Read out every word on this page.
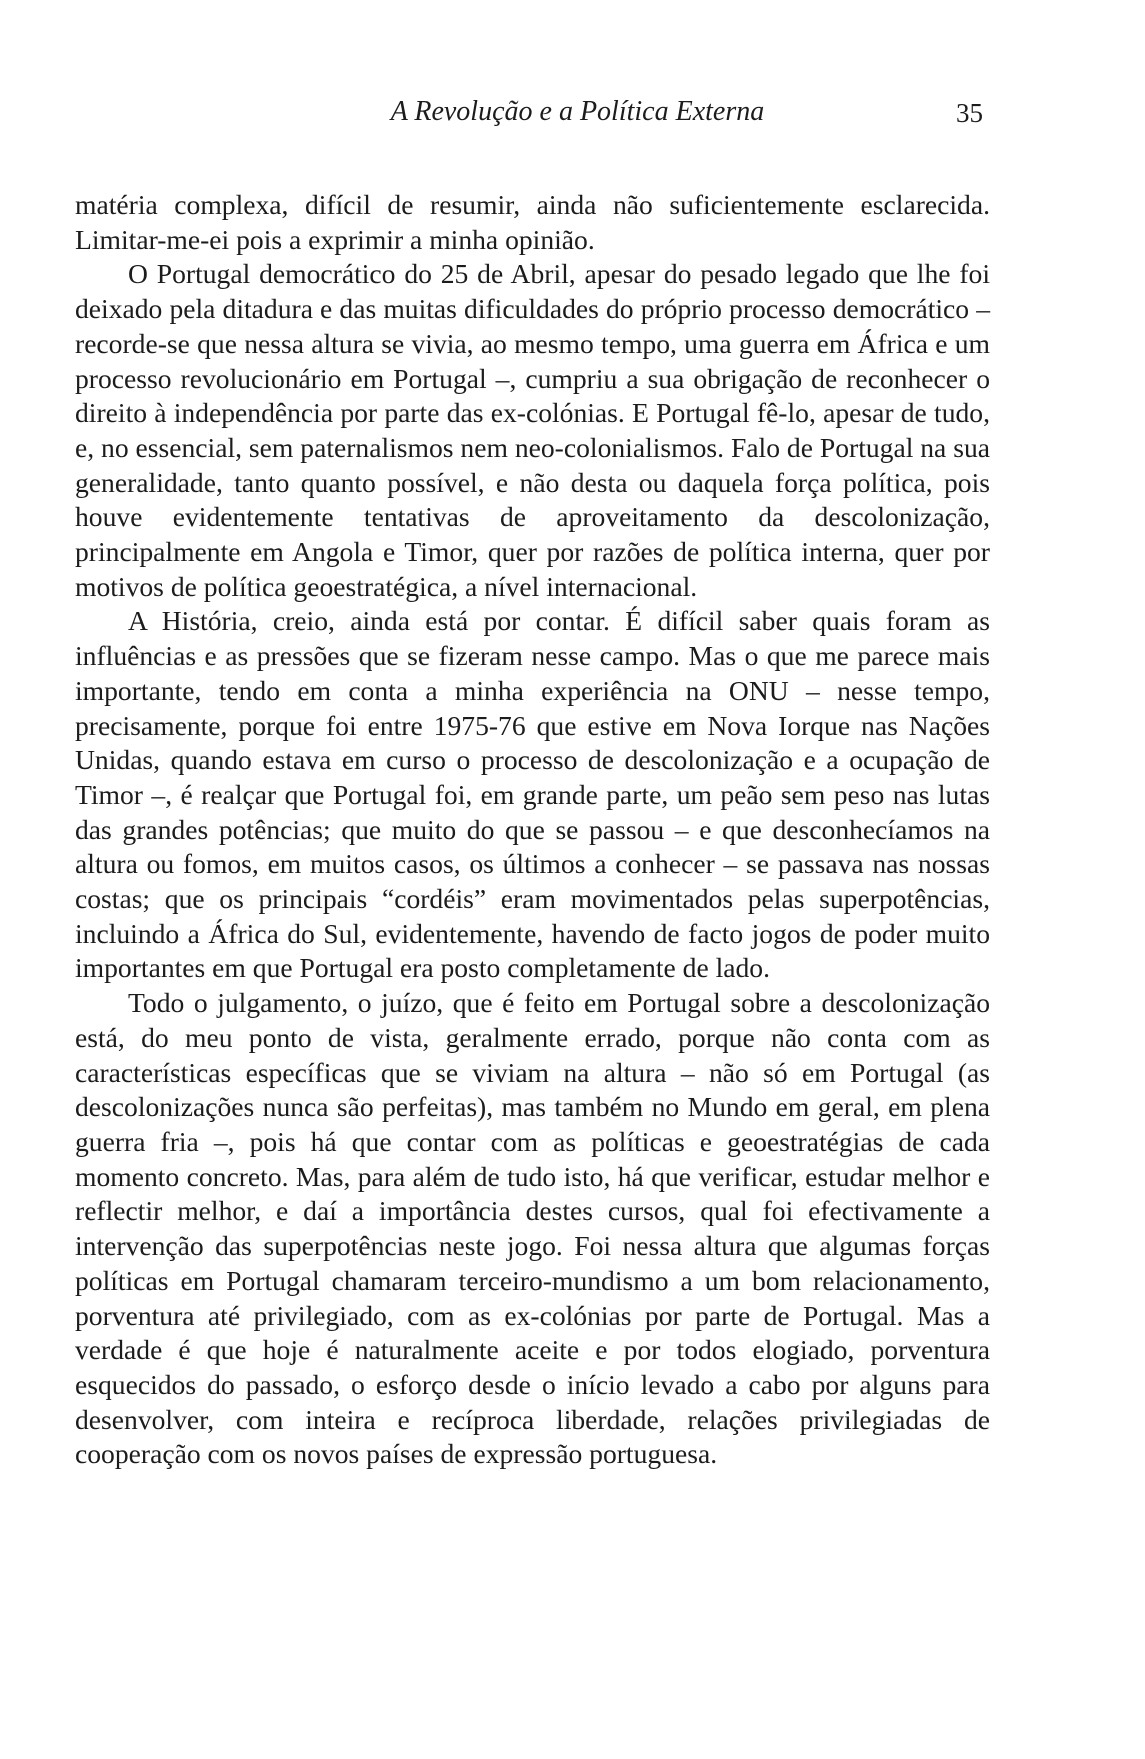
A Revolução e a Política Externa	35

matéria complexa, difícil de resumir, ainda não suficientemente esclarecida. Limitar-me-ei pois a exprimir a minha opinião.

O Portugal democrático do 25 de Abril, apesar do pesado legado que lhe foi deixado pela ditadura e das muitas dificuldades do próprio processo democrático – recorde-se que nessa altura se vivia, ao mesmo tempo, uma guerra em África e um processo revolucionário em Portugal –, cumpriu a sua obrigação de reconhecer o direito à independência por parte das ex-colónias. E Portugal fê-lo, apesar de tudo, e, no essencial, sem paternalismos nem neo-colonialismos. Falo de Portugal na sua generalidade, tanto quanto possível, e não desta ou daquela força política, pois houve evidentemente tentativas de aproveitamento da descolonização, principalmente em Angola e Timor, quer por razões de política interna, quer por motivos de política geoestratégica, a nível internacional.

A História, creio, ainda está por contar. É difícil saber quais foram as influências e as pressões que se fizeram nesse campo. Mas o que me parece mais importante, tendo em conta a minha experiência na ONU – nesse tempo, precisamente, porque foi entre 1975-76 que estive em Nova Iorque nas Nações Unidas, quando estava em curso o processo de descolonização e a ocupação de Timor –, é realçar que Portugal foi, em grande parte, um peão sem peso nas lutas das grandes potências; que muito do que se passou – e que desconhecíamos na altura ou fomos, em muitos casos, os últimos a conhecer – se passava nas nossas costas; que os principais “cordéis” eram movimentados pelas superpotências, incluindo a África do Sul, evidentemente, havendo de facto jogos de poder muito importantes em que Portugal era posto completamente de lado.

Todo o julgamento, o juízo, que é feito em Portugal sobre a descolonização está, do meu ponto de vista, geralmente errado, porque não conta com as características específicas que se viviam na altura – não só em Portugal (as descolonizações nunca são perfeitas), mas também no Mundo em geral, em plena guerra fria –, pois há que contar com as políticas e geoestratégias de cada momento concreto. Mas, para além de tudo isto, há que verificar, estudar melhor e reflectir melhor, e daí a importância destes cursos, qual foi efectivamente a intervenção das superpotências neste jogo. Foi nessa altura que algumas forças políticas em Portugal chamaram terceiro-mundismo a um bom relacionamento, porventura até privilegiado, com as ex-colónias por parte de Portugal. Mas a verdade é que hoje é naturalmente aceite e por todos elogiado, porventura esquecidos do passado, o esforço desde o início levado a cabo por alguns para desenvolver, com inteira e recíproca liberdade, relações privilegiadas de cooperação com os novos países de expressão portuguesa.
